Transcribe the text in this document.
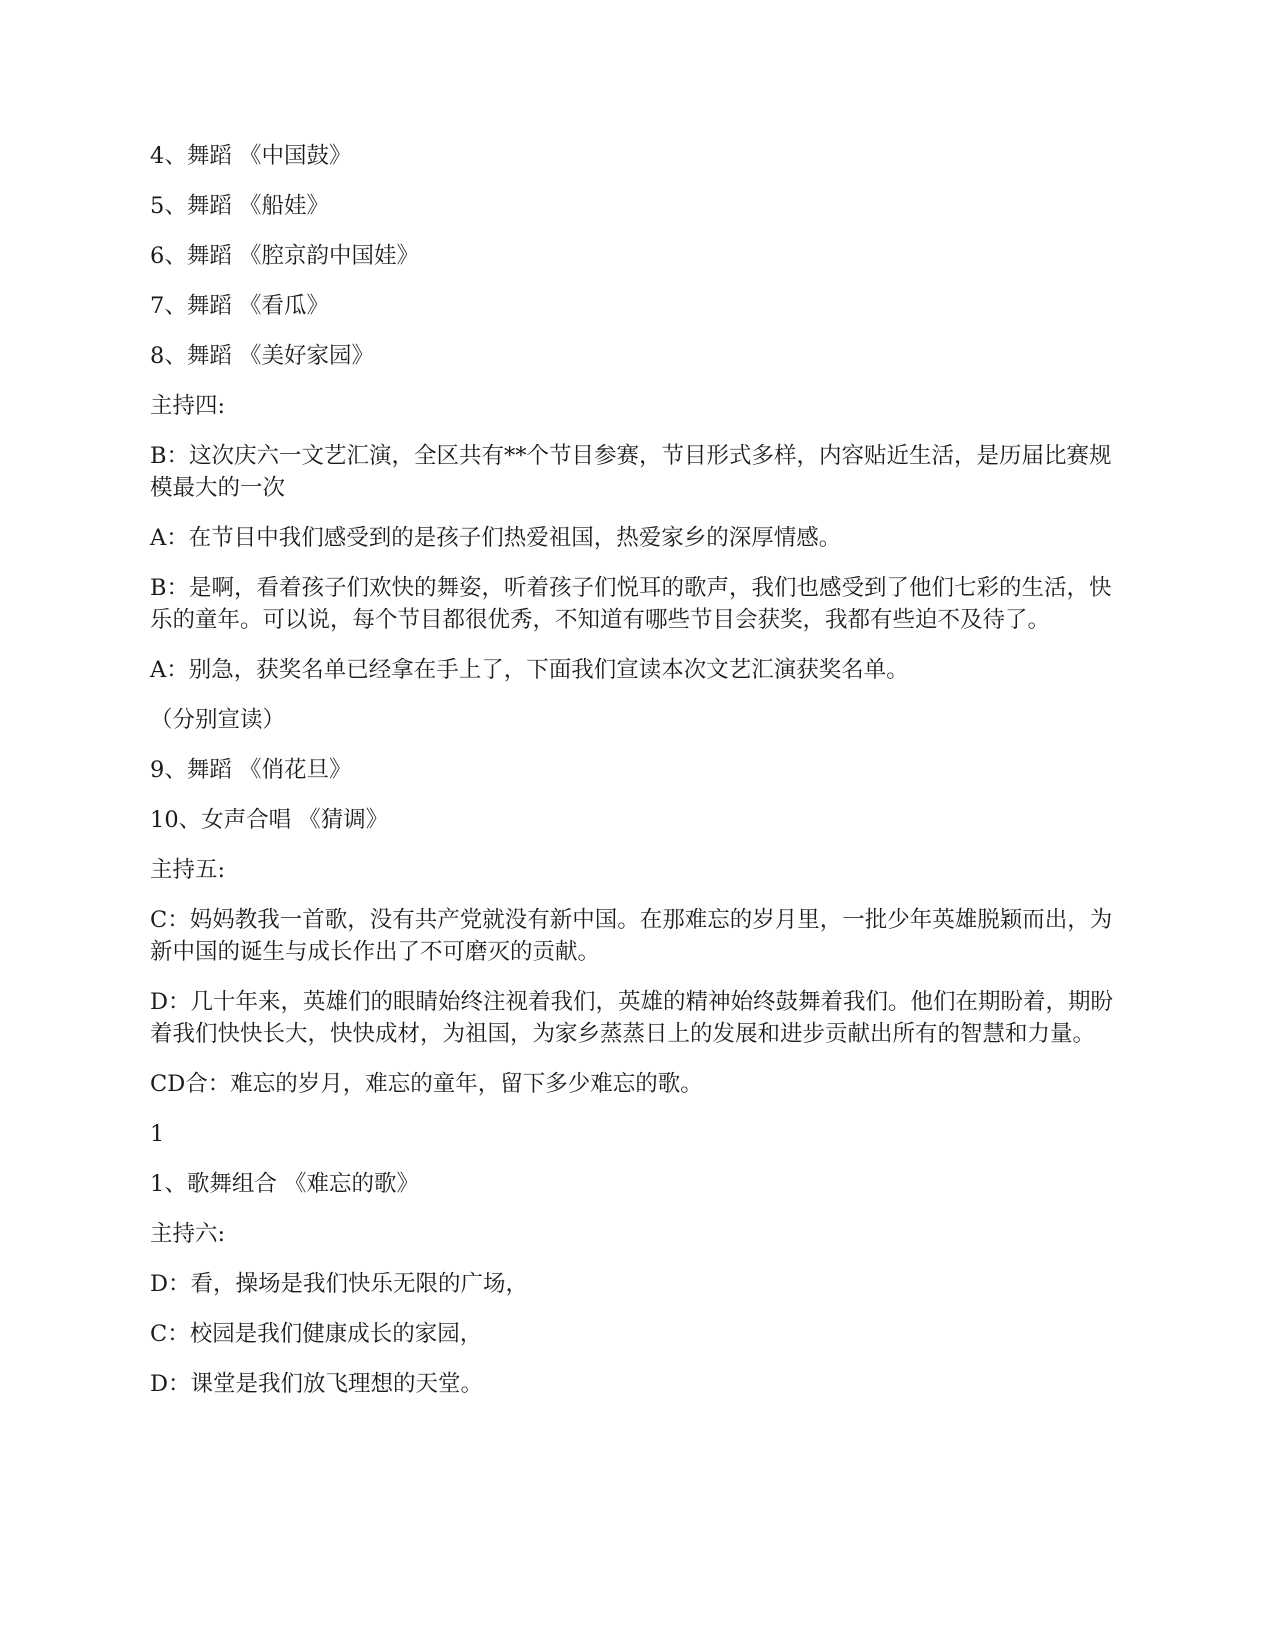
4、舞蹈 《中国鼓》

5、舞蹈 《船娃》

6、舞蹈 《腔京韵中国娃》

7、舞蹈 《看瓜》

8、舞蹈 《美好家园》

主持四:

B：这次庆六一文艺汇演，全区共有**个节目参赛，节目形式多样，内容贴近生活，是历届比赛规模最大的一次

A：在节目中我们感受到的是孩子们热爱祖国，热爱家乡的深厚情感。

B：是啊，看着孩子们欢快的舞姿，听着孩子们悦耳的歌声，我们也感受到了他们七彩的生活，快乐的童年。可以说，每个节目都很优秀，不知道有哪些节目会获奖，我都有些迫不及待了。

A：别急，获奖名单已经拿在手上了，下面我们宣读本次文艺汇演获奖名单。

（分别宣读）

9、舞蹈 《俏花旦》

10、女声合唱 《猜调》

主持五:

C：妈妈教我一首歌，没有共产党就没有新中国。在那难忘的岁月里，一批少年英雄脱颖而出，为新中国的诞生与成长作出了不可磨灭的贡献。

D：几十年来，英雄们的眼睛始终注视着我们，英雄的精神始终鼓舞着我们。他们在期盼着，期盼着我们快快长大，快快成材，为祖国，为家乡蒸蒸日上的发展和进步贡献出所有的智慧和力量。

CD合：难忘的岁月，难忘的童年，留下多少难忘的歌。

1

1、歌舞组合 《难忘的歌》

主持六:

D：看，操场是我们快乐无限的广场，

C：校园是我们健康成长的家园，

D：课堂是我们放飞理想的天堂。
